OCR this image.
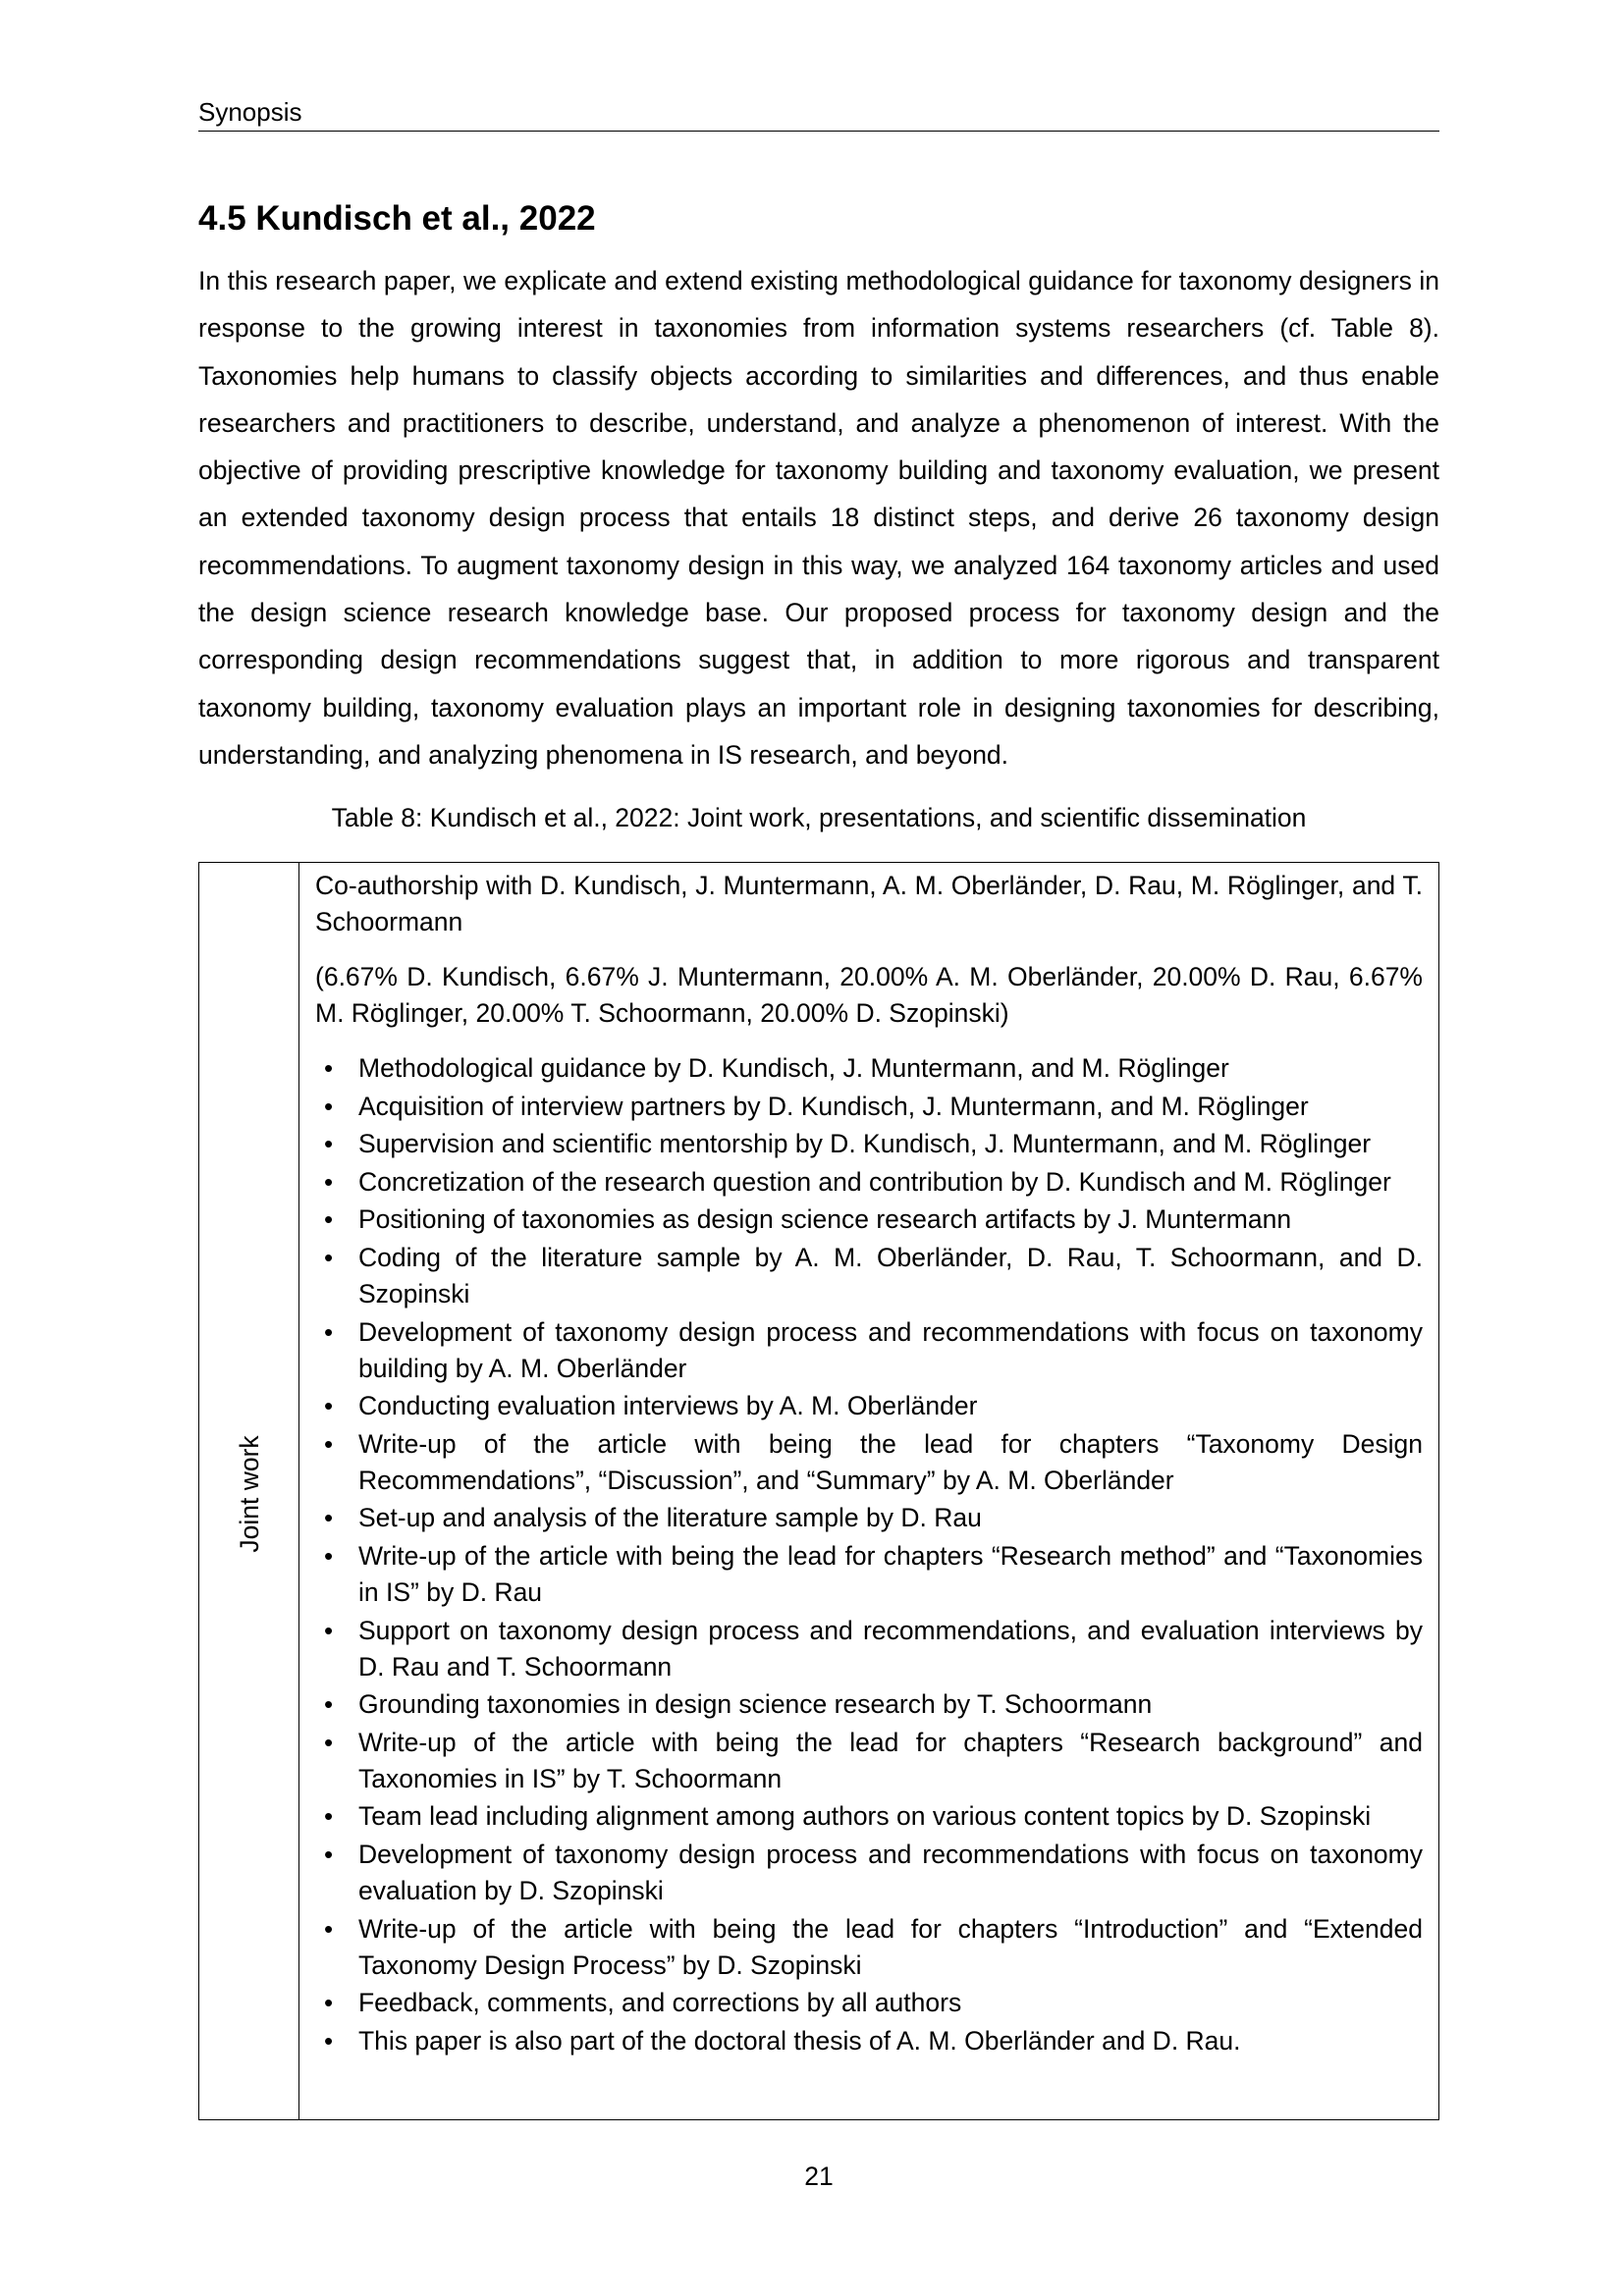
Synopsis
4.5 Kundisch et al., 2022

In this research paper, we explicate and extend existing methodological guidance for taxonomy designers in response to the growing interest in taxonomies from information systems researchers (cf. Table 8). Taxonomies help humans to classify objects according to similarities and differences, and thus enable researchers and practitioners to describe, understand, and analyze a phenomenon of interest. With the objective of providing prescriptive knowledge for taxonomy building and taxonomy evaluation, we present an extended taxonomy design process that entails 18 distinct steps, and derive 26 taxonomy design recommendations. To augment taxonomy design in this way, we analyzed 164 taxonomy articles and used the design science research knowledge base. Our proposed process for taxonomy design and the corresponding design recommendations suggest that, in addition to more rigorous and transparent taxonomy building, taxonomy evaluation plays an important role in designing taxonomies for describing, understanding, and analyzing phenomena in IS research, and beyond.

Table 8: Kundisch et al., 2022: Joint work, presentations, and scientific dissemination

Joint work

Co-authorship with D. Kundisch, J. Muntermann, A. M. Oberländer, D. Rau, M. Röglinger, and T. Schoormann

(6.67% D. Kundisch, 6.67% J. Muntermann, 20.00% A. M. Oberländer, 20.00% D. Rau, 6.67% M. Röglinger, 20.00% T. Schoormann, 20.00% D. Szopinski)

• Methodological guidance by D. Kundisch, J. Muntermann, and M. Röglinger
• Acquisition of interview partners by D. Kundisch, J. Muntermann, and M. Röglinger
• Supervision and scientific mentorship by D. Kundisch, J. Muntermann, and M. Röglinger
• Concretization of the research question and contribution by D. Kundisch and M. Röglinger
• Positioning of taxonomies as design science research artifacts by J. Muntermann
• Coding of the literature sample by A. M. Oberländer, D. Rau, T. Schoormann, and D. Szopinski
• Development of taxonomy design process and recommendations with focus on taxonomy building by A. M. Oberländer
• Conducting evaluation interviews by A. M. Oberländer
• Write-up of the article with being the lead for chapters “Taxonomy Design Recommendations”, “Discussion”, and “Summary” by A. M. Oberländer
• Set-up and analysis of the literature sample by D. Rau
• Write-up of the article with being the lead for chapters “Research method” and “Taxonomies in IS” by D. Rau
• Support on taxonomy design process and recommendations, and evaluation interviews by D. Rau and T. Schoormann
• Grounding taxonomies in design science research by T. Schoormann
• Write-up of the article with being the lead for chapters “Research background” and Taxonomies in IS” by T. Schoormann
• Team lead including alignment among authors on various content topics by D. Szopinski
• Development of taxonomy design process and recommendations with focus on taxonomy evaluation by D. Szopinski
• Write-up of the article with being the lead for chapters “Introduction” and “Extended Taxonomy Design Process” by D. Szopinski
• Feedback, comments, and corrections by all authors
• This paper is also part of the doctoral thesis of A. M. Oberländer and D. Rau.
21
